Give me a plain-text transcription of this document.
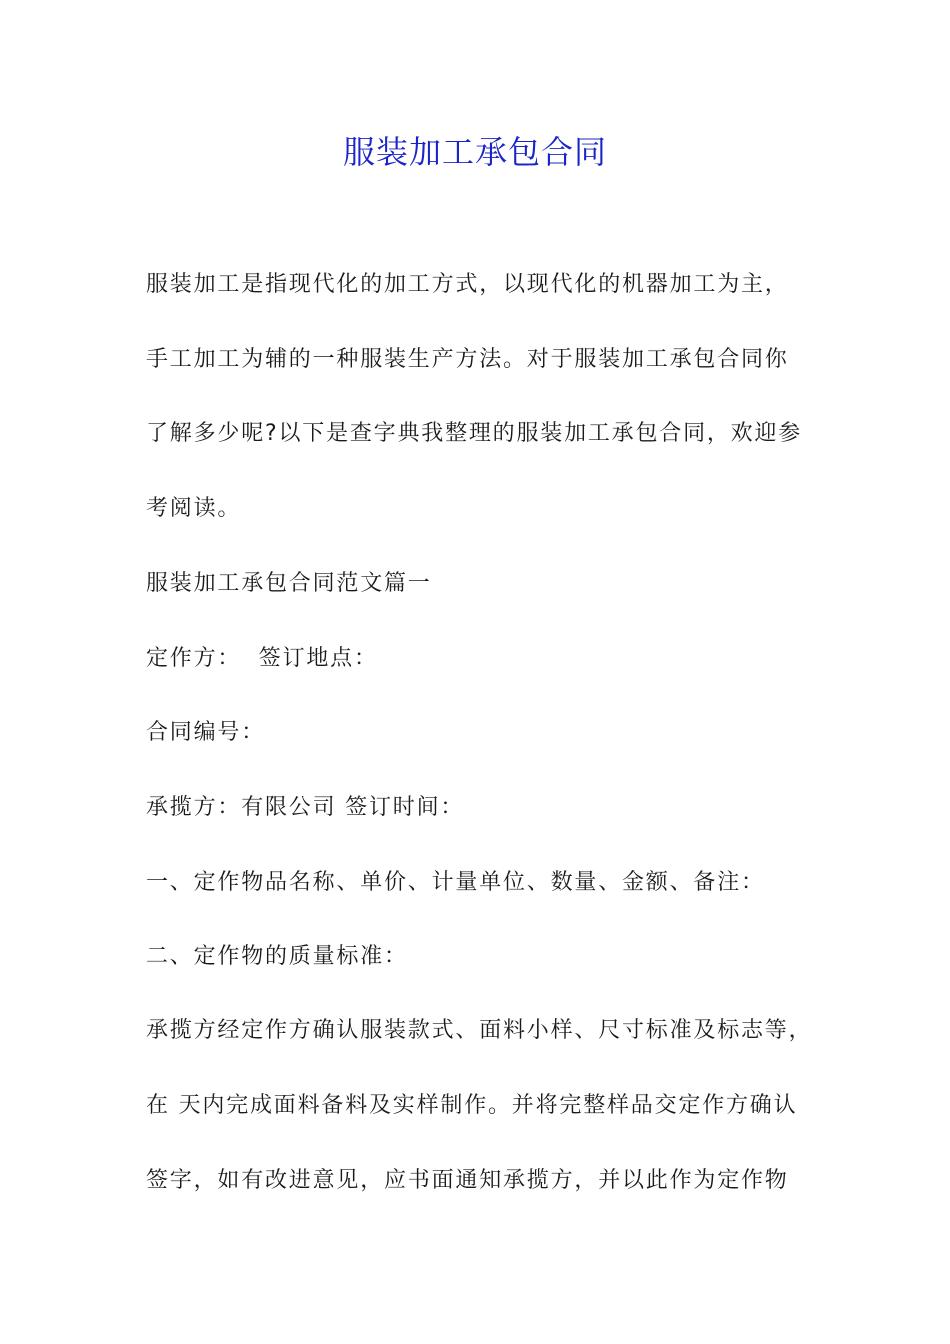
服装加工承包合同

服装加工是指现代化的加工方式，以现代化的机器加工为主，

手工加工为辅的一种服装生产方法。对于服装加工承包合同你

了解多少呢?以下是查字典我整理的服装加工承包合同，欢迎参

考阅读。

服装加工承包合同范文篇一

定作方：  签订地点：

合同编号：

承揽方：有限公司 签订时间：

一、定作物品名称、单价、计量单位、数量、金额、备注：

二、定作物的质量标准：

承揽方经定作方确认服装款式、面料小样、尺寸标准及标志等，

在 天内完成面料备料及实样制作。并将完整样品交定作方确认

签字，如有改进意见，应书面通知承揽方，并以此作为定作物
